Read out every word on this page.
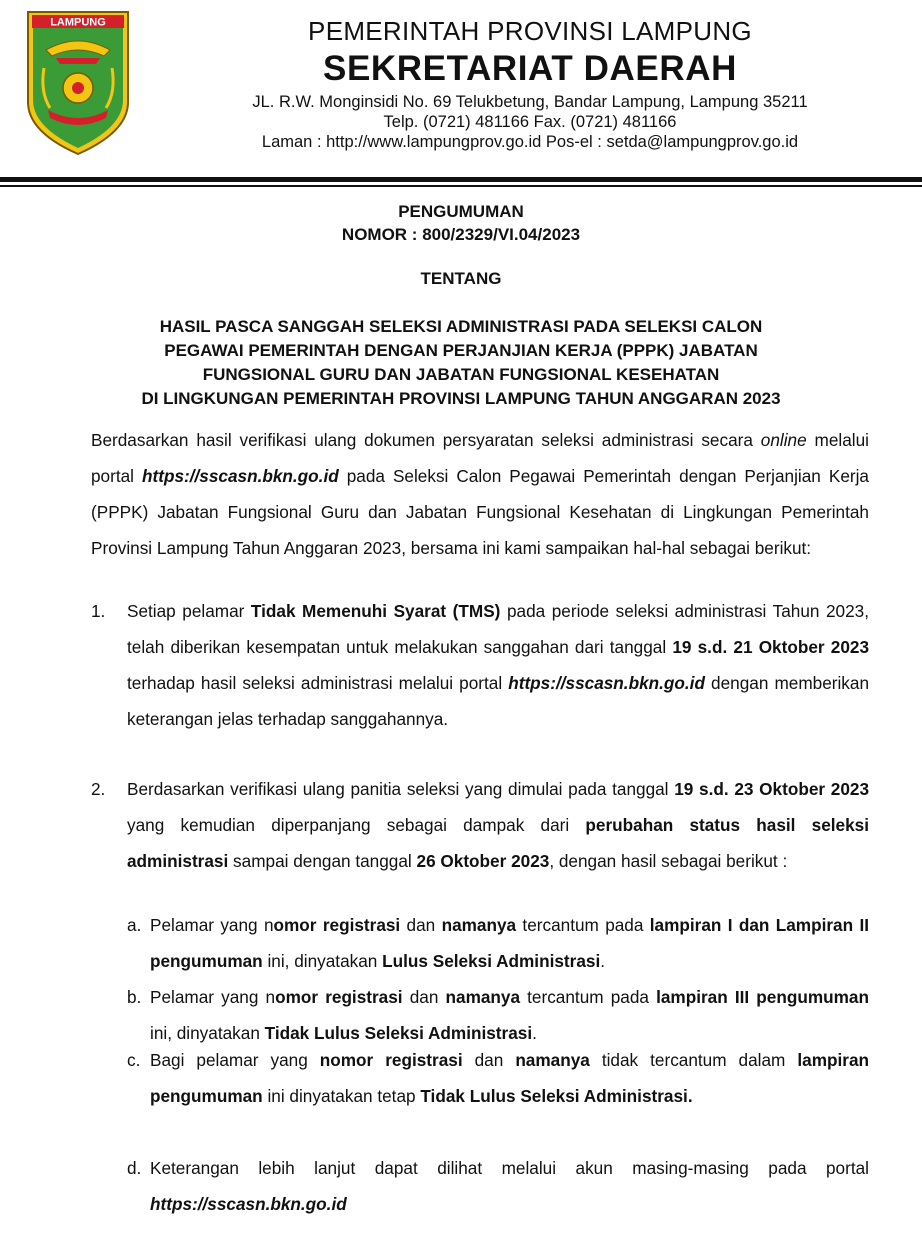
LAMPUNG	PEMERINTAH PROVINSI LAMPUNG
SEKRETARIAT DAERAH
JL. R.W. Monginsidi No. 69 Telukbetung, Bandar Lampung, Lampung 35211
Telp. (0721) 481166 Fax. (0721) 481166
Laman : http://www.lampungprov.go.id Pos-el : setda@lampungprov.go.id
PENGUMUMAN
NOMOR : 800/2329/VI.04/2023
TENTANG
HASIL PASCA SANGGAH SELEKSI ADMINISTRASI PADA SELEKSI CALON
PEGAWAI PEMERINTAH DENGAN PERJANJIAN KERJA (PPPK) JABATAN
FUNGSIONAL GURU DAN JABATAN FUNGSIONAL KESEHATAN
DI LINGKUNGAN PEMERINTAH PROVINSI LAMPUNG TAHUN ANGGARAN 2023
Berdasarkan hasil verifikasi ulang dokumen persyaratan seleksi administrasi secara online melalui portal https://sscasn.bkn.go.id pada Seleksi Calon Pegawai Pemerintah dengan Perjanjian Kerja (PPPK) Jabatan Fungsional Guru dan Jabatan Fungsional Kesehatan di Lingkungan Pemerintah Provinsi Lampung Tahun Anggaran 2023, bersama ini kami sampaikan hal-hal sebagai berikut:
1. Setiap pelamar Tidak Memenuhi Syarat (TMS) pada periode seleksi administrasi Tahun 2023, telah diberikan kesempatan untuk melakukan sanggahan dari tanggal 19 s.d. 21 Oktober 2023 terhadap hasil seleksi administrasi melalui portal https://sscasn.bkn.go.id dengan memberikan keterangan jelas terhadap sanggahannya.
2. Berdasarkan verifikasi ulang panitia seleksi yang dimulai pada tanggal 19 s.d. 23 Oktober 2023 yang kemudian diperpanjang sebagai dampak dari perubahan status hasil seleksi administrasi sampai dengan tanggal 26 Oktober 2023, dengan hasil sebagai berikut :
a. Pelamar yang nomor registrasi dan namanya tercantum pada lampiran I dan Lampiran II pengumuman ini, dinyatakan Lulus Seleksi Administrasi.
b. Pelamar yang nomor registrasi dan namanya tercantum pada lampiran III pengumuman ini, dinyatakan Tidak Lulus Seleksi Administrasi.
c. Bagi pelamar yang nomor registrasi dan namanya tidak tercantum dalam lampiran pengumuman ini dinyatakan tetap Tidak Lulus Seleksi Administrasi.
d. Keterangan lebih lanjut dapat dilihat melalui akun masing-masing pada portal https://sscasn.bkn.go.id
